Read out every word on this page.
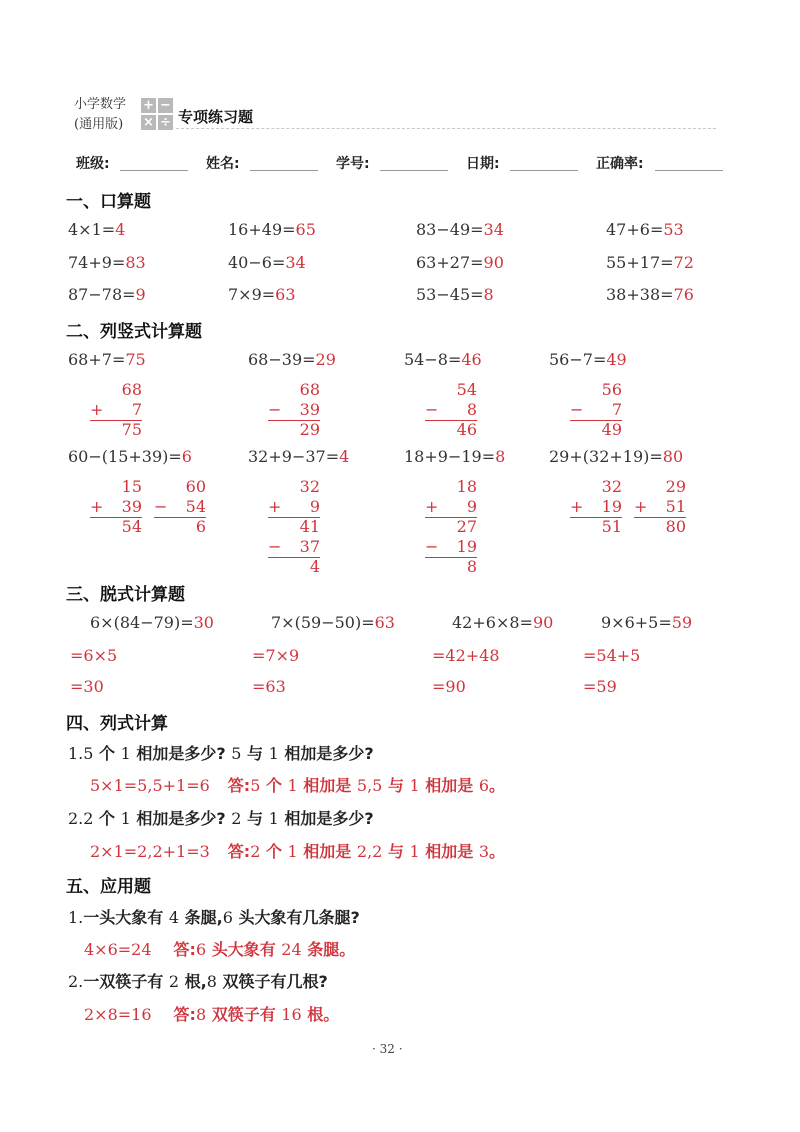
小学数学
(通用版)
+ −
× ÷ 专项练习题
班级:	姓名:	学号:	日期:	正确率:
一、口算题
4×1=4	16+49=65	83−49=34	47+6=53
74+9=83	40−6=34	63+27=90	55+17=72
87−78=9	7×9=63	53−45=8	38+38=76
二、列竖式计算题
68+7=75	68−39=29	54−8=46	56−7=49
68
+ 7
75
68
− 39
29
54
− 8
46
56
− 7
49
60−(15+39)=6	32+9−37=4	18+9−19=8	29+(32+19)=80
15
+ 39
54
60
− 54
6
32
+ 9
41
− 37
4
18
+ 9
27
− 19
8
32
+ 19
51
29
+ 51
80
三、脱式计算题
6×(84−79)=30	7×(59−50)=63	42+6×8=90	9×6+5=59
=6×5	=7×9	=42+48	=54+5
=30	=63	=90	=59
四、列式计算
1.5 个 1 相加是多少? 5 与 1 相加是多少?
5×1=5,5+1=6 答:5 个 1 相加是 5,5 与 1 相加是 6。
2.2 个 1 相加是多少? 2 与 1 相加是多少?
2×1=2,2+1=3 答:2 个 1 相加是 2,2 与 1 相加是 3。
五、应用题
1.一头大象有 4 条腿,6 头大象有几条腿?
4×6=24 答:6 头大象有 24 条腿。
2.一双筷子有 2 根,8 双筷子有几根?
2×8=16 答:8 双筷子有 16 根。
· 32 ·
